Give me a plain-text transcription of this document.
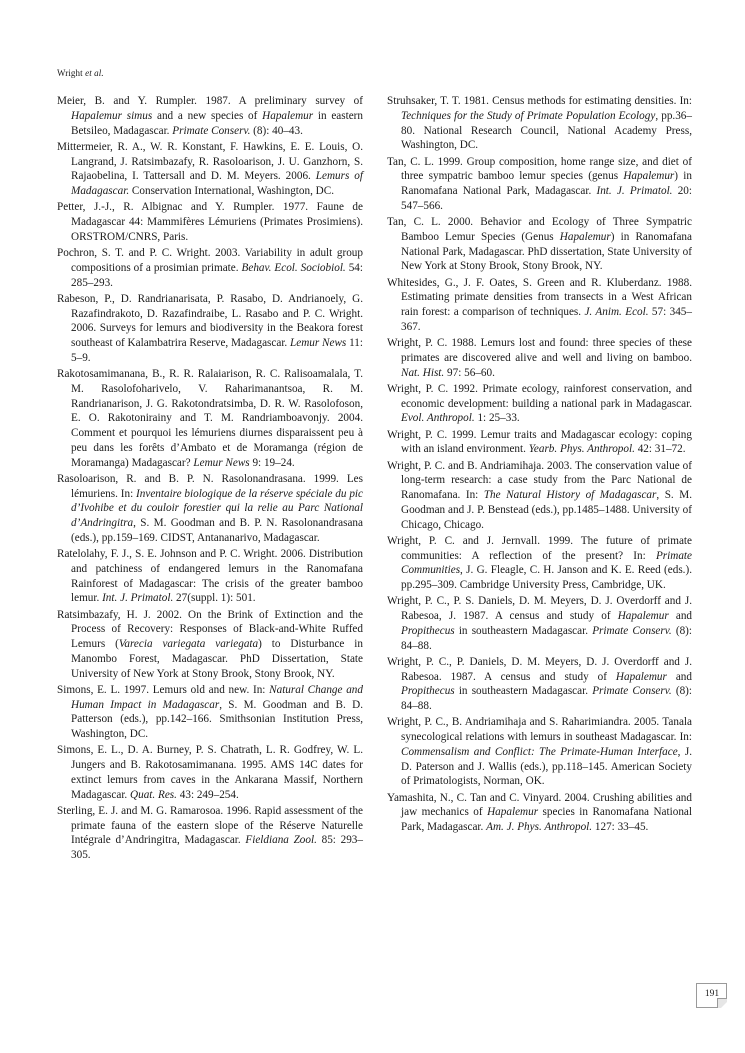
Wright et al.

Meier, B. and Y. Rumpler. 1987. A preliminary survey of Hapalemur simus and a new species of Hapalemur in eastern Betsileo, Madagascar. Primate Conserv. (8): 40–43.

Mittermeier, R. A., W. R. Konstant, F. Hawkins, E. E. Louis, O. Langrand, J. Ratsimbazafy, R. Rasoloarison, J. U. Ganzhorn, S. Rajaobelina, I. Tattersall and D. M. Meyers. 2006. Lemurs of Madagascar. Conservation International, Washington, DC.

Petter, J.-J., R. Albignac and Y. Rumpler. 1977. Faune de Madagascar 44: Mammifères Lémuriens (Primates Prosimiens). ORSTROM/CNRS, Paris.

Pochron, S. T. and P. C. Wright. 2003. Variability in adult group compositions of a prosimian primate. Behav. Ecol. Sociobiol. 54: 285–293.

Rabeson, P., D. Randrianarisata, P. Rasabo, D. Andrianoely, G. Razafindrakoto, D. Razafindraibe, L. Rasabo and P. C. Wright. 2006. Surveys for lemurs and biodiversity in the Beakora forest southeast of Kalambatrira Reserve, Madagascar. Lemur News 11: 5–9.

Rakotosamimanana, B., R. R. Ralaiarison, R. C. Ralisoamalala, T. M. Rasolofoharivelo, V. Raharimanantsoa, R. M. Randrianarison, J. G. Rakotondratsimba, D. R. W. Rasolofoson, E. O. Rakotonirainy and T. M. Randriamboavonjy. 2004. Comment et pourquoi les lémuriens diurnes disparaissent peu à peu dans les forêts d’Ambato et de Moramanga (région de Moramanga) Madagascar? Lemur News 9: 19–24.

Rasoloarison, R. and B. P. N. Rasolonandrasana. 1999. Les lémuriens. In: Inventaire biologique de la réserve spéciale du pic d’Ivohibe et du couloir forestier qui la relie au Parc National d’Andringitra, S. M. Goodman and B. P. N. Rasolonandrasana (eds.), pp.159–169. CIDST, Antananarivo, Madagascar.

Ratelolahy, F. J., S. E. Johnson and P. C. Wright. 2006. Distribution and patchiness of endangered lemurs in the Ranomafana Rainforest of Madagascar: The crisis of the greater bamboo lemur. Int. J. Primatol. 27(suppl. 1): 501.

Ratsimbazafy, H. J. 2002. On the Brink of Extinction and the Process of Recovery: Responses of Black-and-White Ruffed Lemurs (Varecia variegata variegata) to Disturbance in Manombo Forest, Madagascar. PhD Dissertation, State University of New York at Stony Brook, Stony Brook, NY.

Simons, E. L. 1997. Lemurs old and new. In: Natural Change and Human Impact in Madagascar, S. M. Goodman and B. D. Patterson (eds.), pp.142–166. Smithsonian Institution Press, Washington, DC.

Simons, E. L., D. A. Burney, P. S. Chatrath, L. R. Godfrey, W. L. Jungers and B. Rakotosamimanana. 1995. AMS 14C dates for extinct lemurs from caves in the Ankarana Massif, Northern Madagascar. Quat. Res. 43: 249–254.

Sterling, E. J. and M. G. Ramarosoa. 1996. Rapid assessment of the primate fauna of the eastern slope of the Réserve Naturelle Intégrale d’Andringitra, Madagascar. Fieldiana Zool. 85: 293–305.

Struhsaker, T. T. 1981. Census methods for estimating densities. In: Techniques for the Study of Primate Population Ecology, pp.36–80. National Research Council, National Academy Press, Washington, DC.

Tan, C. L. 1999. Group composition, home range size, and diet of three sympatric bamboo lemur species (genus Hapalemur) in Ranomafana National Park, Madagascar. Int. J. Primatol. 20: 547–566.

Tan, C. L. 2000. Behavior and Ecology of Three Sympatric Bamboo Lemur Species (Genus Hapalemur) in Ranomafana National Park, Madagascar. PhD dissertation, State University of New York at Stony Brook, Stony Brook, NY.

Whitesides, G., J. F. Oates, S. Green and R. Kluberdanz. 1988. Estimating primate densities from transects in a West African rain forest: a comparison of techniques. J. Anim. Ecol. 57: 345–367.

Wright, P. C. 1988. Lemurs lost and found: three species of these primates are discovered alive and well and living on bamboo. Nat. Hist. 97: 56–60.

Wright, P. C. 1992. Primate ecology, rainforest conservation, and economic development: building a national park in Madagascar. Evol. Anthropol. 1: 25–33.

Wright, P. C. 1999. Lemur traits and Madagascar ecology: coping with an island environment. Yearb. Phys. Anthropol. 42: 31–72.

Wright, P. C. and B. Andriamihaja. 2003. The conservation value of long-term research: a case study from the Parc National de Ranomafana. In: The Natural History of Madagascar, S. M. Goodman and J. P. Benstead (eds.), pp.1485–1488. University of Chicago, Chicago.

Wright, P. C. and J. Jernvall. 1999. The future of primate communities: A reflection of the present? In: Primate Communities, J. G. Fleagle, C. H. Janson and K. E. Reed (eds.). pp.295–309. Cambridge University Press, Cambridge, UK.

Wright, P. C., P. S. Daniels, D. M. Meyers, D. J. Overdorff and J. Rabesoa, J. 1987. A census and study of Hapalemur and Propithecus in southeastern Madagascar. Primate Conserv. (8): 84–88.

Wright, P. C., P. Daniels, D. M. Meyers, D. J. Overdorff and J. Rabesoa. 1987. A census and study of Hapalemur and Propithecus in southeastern Madagascar. Primate Conserv. (8): 84–88.

Wright, P. C., B. Andriamihaja and S. Raharimiandra. 2005. Tanala synecological relations with lemurs in southeast Madagascar. In: Commensalism and Conflict: The Primate-Human Interface, J. D. Paterson and J. Wallis (eds.), pp.118–145. American Society of Primatologists, Norman, OK.

Yamashita, N., C. Tan and C. Vinyard. 2004. Crushing abilities and jaw mechanics of Hapalemur species in Ranomafana National Park, Madagascar. Am. J. Phys. Anthropol. 127: 33–45.

191
